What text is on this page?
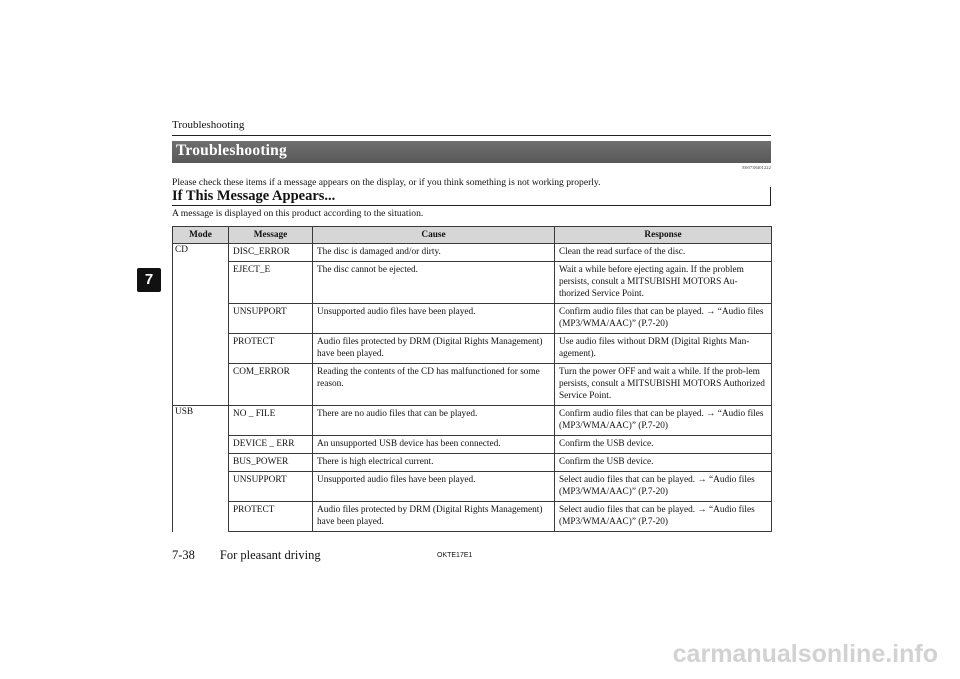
Troubleshooting
Troubleshooting
E00738401222
Please check these items if a message appears on the display, or if you think something is not working properly.
If This Message Appears...
A message is displayed on this product according to the situation.
Mode	Message	Cause	Response
CD	DISC_ERROR	The disc is damaged and/or dirty.	Clean the read surface of the disc.
	EJECT_E	The disc cannot be ejected.	Wait a while before ejecting again. If the problem persists, consult a MITSUBISHI MOTORS Au-thorized Service Point.
	UNSUPPORT	Unsupported audio files have been played.	Confirm audio files that can be played. → “Audio files (MP3/WMA/AAC)” (P.7-20)
	PROTECT	Audio files protected by DRM (Digital Rights Management) have been played.	Use audio files without DRM (Digital Rights Man-agement).
	COM_ERROR	Reading the contents of the CD has malfunctioned for some reason.	Turn the power OFF and wait a while. If the prob-lem persists, consult a MITSUBISHI MOTORS Authorized Service Point.
USB	NO _ FILE	There are no audio files that can be played.	Confirm audio files that can be played. → “Audio files (MP3/WMA/AAC)” (P.7-20)
	DEVICE _ ERR	An unsupported USB device has been connected.	Confirm the USB device.
	BUS_POWER	There is high electrical current.	Confirm the USB device.
	UNSUPPORT	Unsupported audio files have been played.	Select audio files that can be played. → “Audio files (MP3/WMA/AAC)” (P.7-20)
	PROTECT	Audio files protected by DRM (Digital Rights Management) have been played.	Select audio files that can be played. → “Audio files (MP3/WMA/AAC)” (P.7-20)
7
7-38  For pleasant driving	OKTE17E1
carmanualsonline.info
